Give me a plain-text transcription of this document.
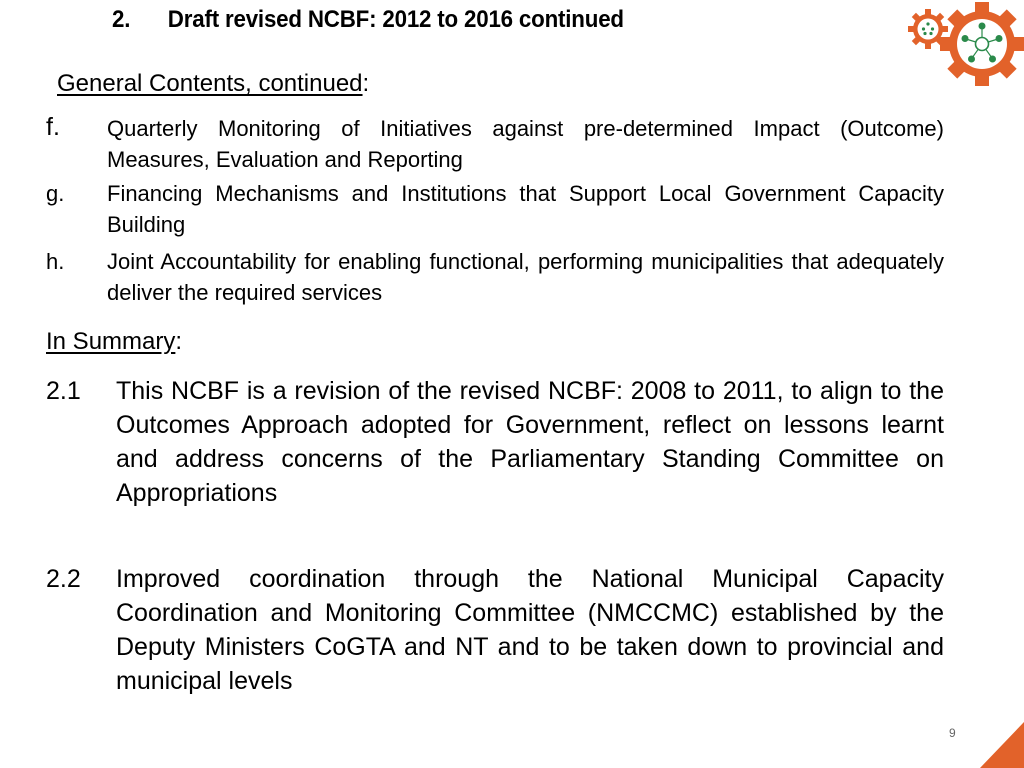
2. Draft revised NCBF: 2012 to 2016 continued
General Contents, continued:
f.	Quarterly Monitoring of Initiatives against pre-determined Impact (Outcome) Measures, Evaluation and Reporting
g.	Financing Mechanisms and Institutions that Support Local Government Capacity Building
h.	Joint Accountability for enabling functional, performing municipalities that adequately deliver the required services
In Summary:
2.1	This NCBF is a revision of the revised NCBF: 2008 to 2011, to align to the Outcomes Approach adopted for Government, reflect on lessons learnt and address concerns of the Parliamentary Standing Committee on Appropriations
2.2	Improved coordination through the National Municipal Capacity Coordination and Monitoring Committee (NMCCMC) established by the Deputy Ministers CoGTA and NT and to be taken down to provincial and municipal levels
9
